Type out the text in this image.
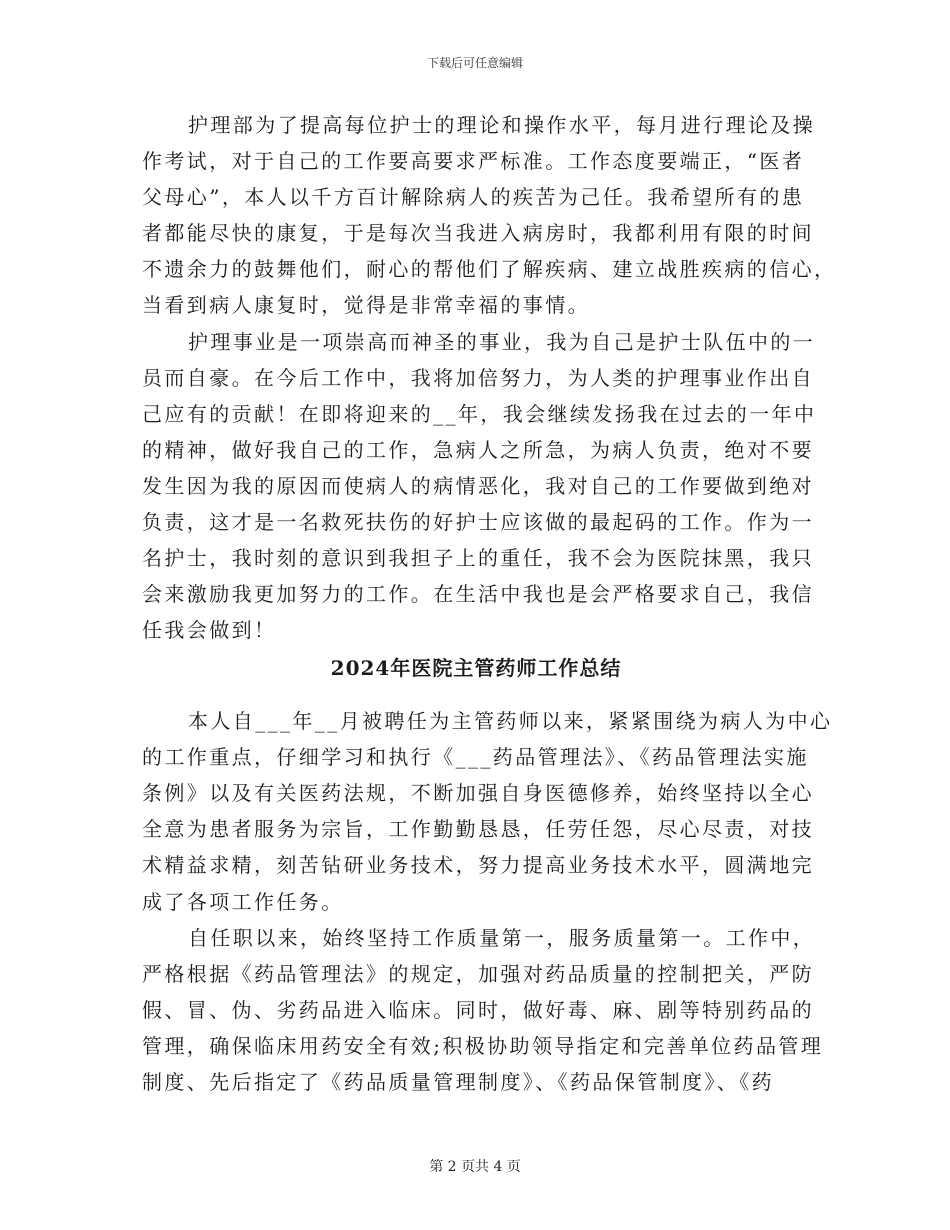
下载后可任意编辑
护理部为了提高每位护士的理论和操作水平，每月进行理论及操
作考试，对于自己的工作要高要求严标准。工作态度要端正，“医者
父母心”，本人以千方百计解除病人的疾苦为己任。我希望所有的患
者都能尽快的康复，于是每次当我进入病房时，我都利用有限的时间
不遗余力的鼓舞他们，耐心的帮他们了解疾病、建立战胜疾病的信心，
当看到病人康复时，觉得是非常幸福的事情。
护理事业是一项崇高而神圣的事业，我为自己是护士队伍中的一
员而自豪。在今后工作中，我将加倍努力，为人类的护理事业作出自
己应有的贡献！在即将迎来的__年，我会继续发扬我在过去的一年中
的精神，做好我自己的工作，急病人之所急，为病人负责，绝对不要
发生因为我的原因而使病人的病情恶化，我对自己的工作要做到绝对
负责，这才是一名救死扶伤的好护士应该做的最起码的工作。作为一
名护士，我时刻的意识到我担子上的重任，我不会为医院抹黑，我只
会来激励我更加努力的工作。在生活中我也是会严格要求自己，我信
任我会做到！
2024年医院主管药师工作总结
本人自___年__月被聘任为主管药师以来，紧紧围绕为病人为中心
的工作重点，仔细学习和执行《___药品管理法》、《药品管理法实施
条例》以及有关医药法规，不断加强自身医德修养，始终坚持以全心
全意为患者服务为宗旨，工作勤勤恳恳，任劳任怨，尽心尽责，对技
术精益求精，刻苦钻研业务技术，努力提高业务技术水平，圆满地完
成了各项工作任务。
自任职以来，始终坚持工作质量第一，服务质量第一。工作中，
严格根据《药品管理法》的规定，加强对药品质量的控制把关，严防
假、冒、伪、劣药品进入临床。同时，做好毒、麻、剧等特别药品的
管理，确保临床用药安全有效;积极协助领导指定和完善单位药品管理
制度、先后指定了《药品质量管理制度》、《药品保管制度》、《药
第 2 页共 4 页
